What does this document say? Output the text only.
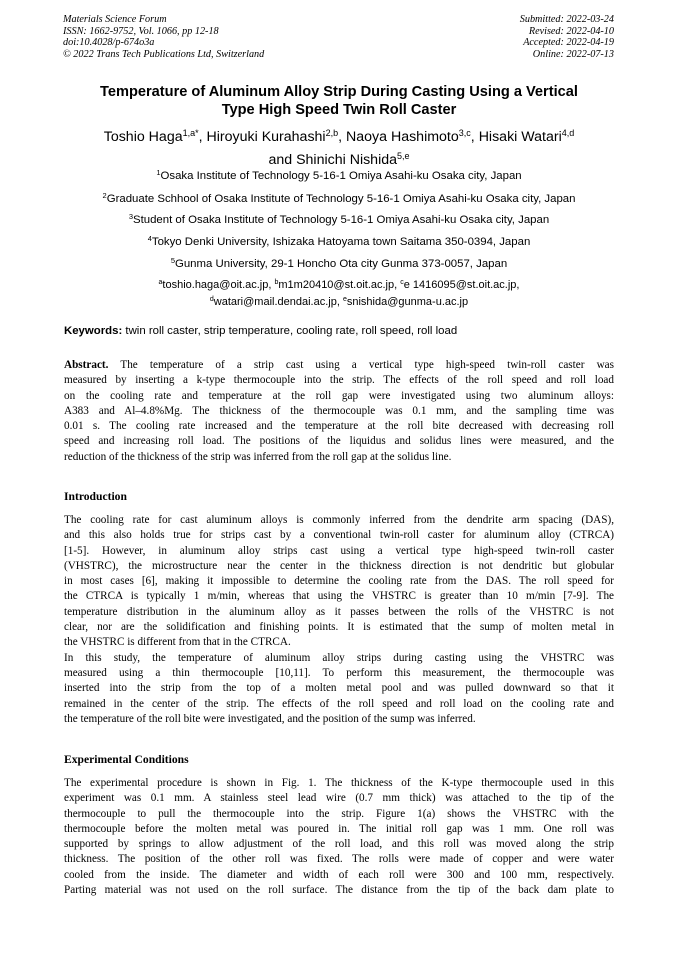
Materials Science Forum
ISSN: 1662-9752, Vol. 1066, pp 12-18
doi:10.4028/p-674o3a
© 2022 Trans Tech Publications Ltd, Switzerland
Submitted: 2022-03-24
Revised: 2022-04-10
Accepted: 2022-04-19
Online: 2022-07-13
Temperature of Aluminum Alloy Strip During Casting Using a Vertical
Type High Speed Twin Roll Caster
Toshio Haga$^{1,a*}$, Hiroyuki Kurahashi$^{2,b}$, Naoya Hashimoto$^{3,c}$, Hisaki Watari$^{4,d}$
and Shinichi Nishida$^{5,e}$
$^1$Osaka Institute of Technology 5-16-1 Omiya Asahi-ku Osaka city, Japan
$^2$Graduate Schhool of Osaka Institute of Technology 5-16-1 Omiya Asahi-ku Osaka city, Japan
$^3$Student of Osaka Institute of Technology 5-16-1 Omiya Asahi-ku Osaka city, Japan
$^4$Tokyo Denki University, Ishizaka Hatoyama town Saitama 350-0394, Japan
$^5$Gunma University, 29-1 Honcho Ota city Gunma 373-0057, Japan
$^a$toshio.haga@oit.ac.jp, $^b$m1m20410@st.oit.ac.jp, $^c$e 1416095@st.oit.ac.jp,
$^d$watari@mail.dendai.ac.jp, $^e$snishida@gunma-u.ac.jp
Keywords: twin roll caster, strip temperature, cooling rate, roll speed, roll load
Abstract. The temperature of a strip cast using a vertical type high-speed twin-roll caster was
measured by inserting a k-type thermocouple into the strip. The effects of the roll speed and roll load
on the cooling rate and temperature at the roll gap were investigated using two aluminum alloys:
A383 and Al–4.8%Mg. The thickness of the thermocouple was 0.1 mm, and the sampling time was
0.01 s. The cooling rate increased and the temperature at the roll bite decreased with decreasing roll
speed and increasing roll load. The positions of the liquidus and solidus lines were measured, and the
reduction of the thickness of the strip was inferred from the roll gap at the solidus line.
Introduction
The cooling rate for cast aluminum alloys is commonly inferred from the dendrite arm spacing (DAS),
and this also holds true for strips cast by a conventional twin-roll caster for aluminum alloy (CTRCA)
[1-5]. However, in aluminum alloy strips cast using a vertical type high-speed twin-roll caster
(VHSTRC), the microstructure near the center in the thickness direction is not dendritic but globular
in most cases [6], making it impossible to determine the cooling rate from the DAS. The roll speed for
the CTRCA is typically 1 m/min, whereas that using the VHSTRC is greater than 10 m/min [7-9]. The
temperature distribution in the aluminum alloy as it passes between the rolls of the VHSTRC is not
clear, nor are the solidification and finishing points. It is estimated that the sump of molten metal in
the VHSTRC is different from that in the CTRCA.
In this study, the temperature of aluminum alloy strips during casting using the VHSTRC was
measured using a thin thermocouple [10,11]. To perform this measurement, the thermocouple was
inserted into the strip from the top of a molten metal pool and was pulled downward so that it
remained in the center of the strip. The effects of the roll speed and roll load on the cooling rate and
the temperature of the roll bite were investigated, and the position of the sump was inferred.
Experimental Conditions
The experimental procedure is shown in Fig. 1. The thickness of the K-type thermocouple used in this
experiment was 0.1 mm. A stainless steel lead wire (0.7 mm thick) was attached to the tip of the
thermocouple to pull the thermocouple into the strip. Figure 1(a) shows the VHSTRC with the
thermocouple before the molten metal was poured in. The initial roll gap was 1 mm. One roll was
supported by springs to allow adjustment of the roll load, and this roll was moved along the strip
thickness. The position of the other roll was fixed. The rolls were made of copper and were water
cooled from the inside. The diameter and width of each roll were 300 and 100 mm, respectively.
Parting material was not used on the roll surface. The distance from the tip of the back dam plate to
